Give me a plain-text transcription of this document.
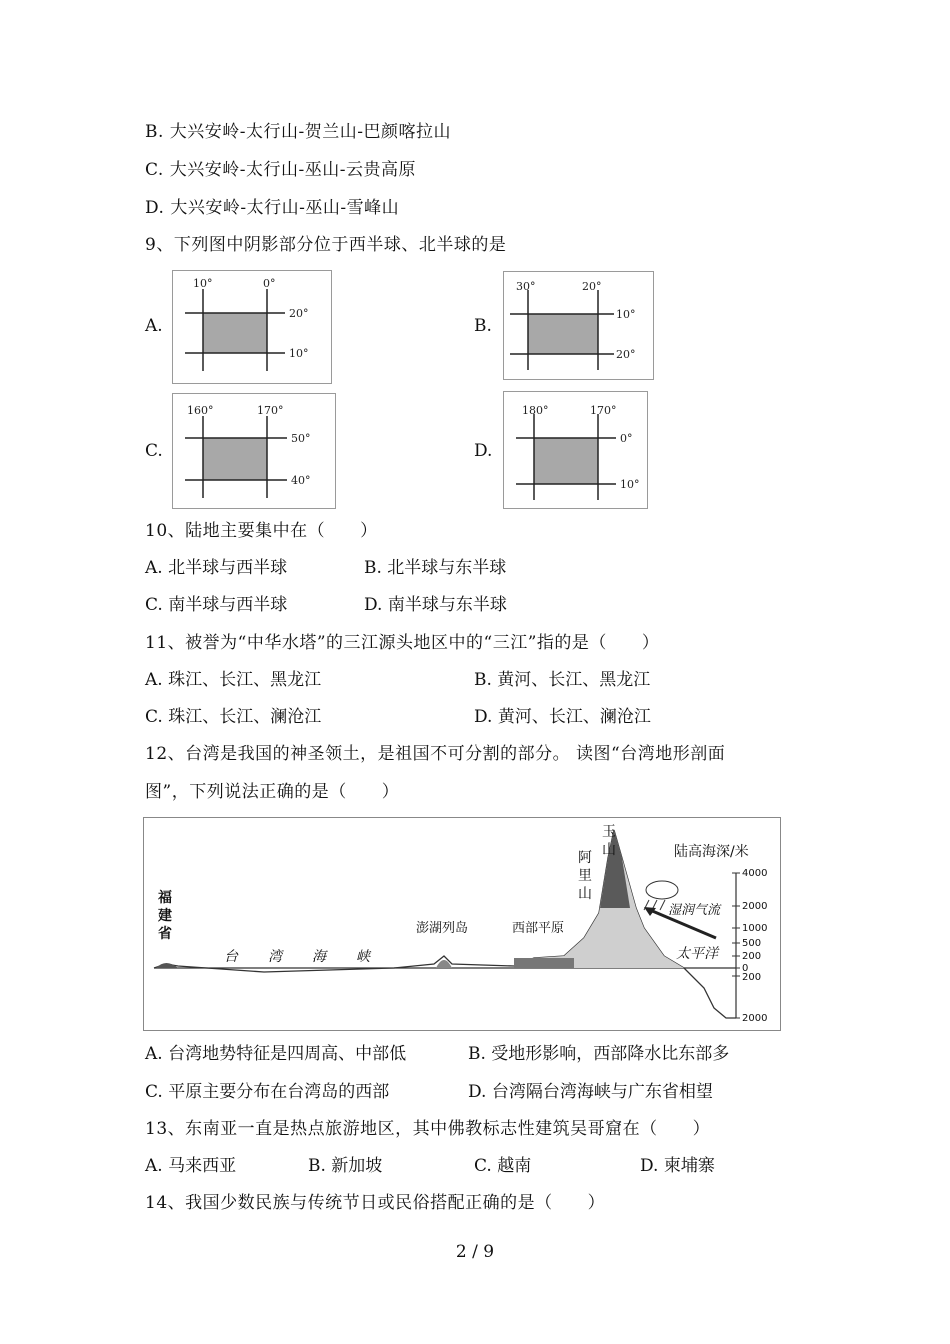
B. 大兴安岭-太行山-贺兰山-巴颜喀拉山
C. 大兴安岭-太行山-巫山-云贵高原
D. 大兴安岭-太行山-巫山-雪峰山
9、下列图中阴影部分位于西半球、北半球的是
A.
10°	0°
20°
10°
B.
30°	20°
10°
20°
C.
160°	170°
50°
40°
D.
180°	170°
0°
10°
10、陆地主要集中在（　　）
A. 北半球与西半球	B. 北半球与东半球
C. 南半球与西半球	D. 南半球与东半球
11、被誉为“中华水塔”的三江源头地区中的“三江”指的是（　　）
A. 珠江、长江、黑龙江	B. 黄河、长江、黑龙江
C. 珠江、长江、澜沧江	D. 黄河、长江、澜沧江
12、台湾是我国的神圣领土，是祖国不可分割的部分。 读图“台湾地形剖面
图”，下列说法正确的是（　　）
4000
2000
1000
500
200
0
200
2000
陆高海深/米
福
建
省
台 湾 海 峡
澎湖列岛	西部平原
阿
里
山
玉
山
湿润气流
太平洋
A. 台湾地势特征是四周高、中部低	B. 受地形影响，西部降水比东部多
C. 平原主要分布在台湾岛的西部	D. 台湾隔台湾海峡与广东省相望
13、东南亚一直是热点旅游地区，其中佛教标志性建筑吴哥窟在（　　）
A. 马来西亚	B. 新加坡	C. 越南	D. 柬埔寨
14、我国少数民族与传统节日或民俗搭配正确的是（　　）
2 / 9
